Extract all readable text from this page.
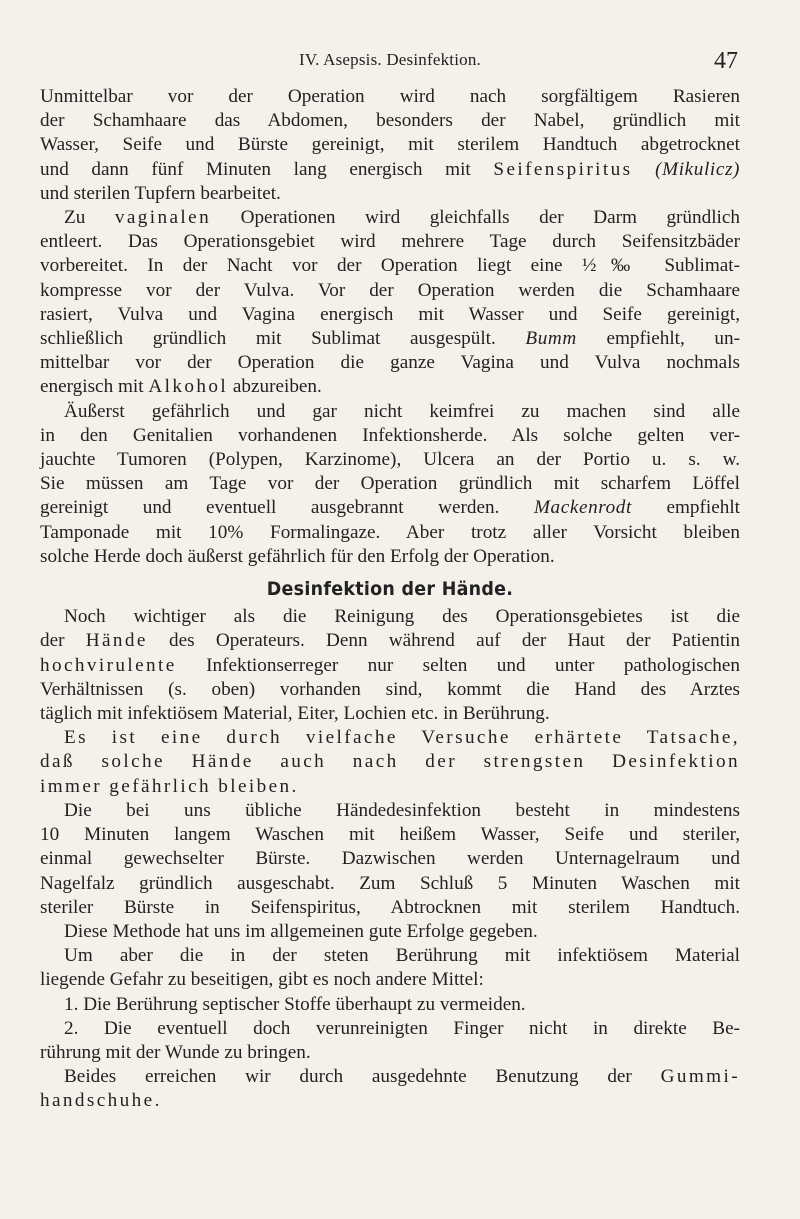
IV. Asepsis. Desinfektion.	47
Unmittelbar vor der Operation wird nach sorgfältigem Rasieren
der Schamhaare das Abdomen, besonders der Nabel, gründlich mit
Wasser, Seife und Bürste gereinigt, mit sterilem Handtuch abgetrocknet
und dann fünf Minuten lang energisch mit Seifenspiritus (Mikulicz)
und sterilen Tupfern bearbeitet.
Zu vaginalen Operationen wird gleichfalls der Darm gründlich
entleert. Das Operationsgebiet wird mehrere Tage durch Seifensitzbäder
vorbereitet. In der Nacht vor der Operation liegt eine ½‰ Sublimat-
kompresse vor der Vulva. Vor der Operation werden die Schamhaare
rasiert, Vulva und Vagina energisch mit Wasser und Seife gereinigt,
schließlich gründlich mit Sublimat ausgespült. Bumm empfiehlt, un-
mittelbar vor der Operation die ganze Vagina und Vulva nochmals
energisch mit Alkohol abzureiben.
Äußerst gefährlich und gar nicht keimfrei zu machen sind alle
in den Genitalien vorhandenen Infektionsherde. Als solche gelten ver-
jauchte Tumoren (Polypen, Karzinome), Ulcera an der Portio u. s. w.
Sie müssen am Tage vor der Operation gründlich mit scharfem Löffel
gereinigt und eventuell ausgebrannt werden. Mackenrodt empfiehlt
Tamponade mit 10% Formalingaze. Aber trotz aller Vorsicht bleiben
solche Herde doch äußerst gefährlich für den Erfolg der Operation.
Desinfektion der Hände.
Noch wichtiger als die Reinigung des Operationsgebietes ist die
der Hände des Operateurs. Denn während auf der Haut der Patientin
hochvirulente Infektionserreger nur selten und unter pathologischen
Verhältnissen (s. oben) vorhanden sind, kommt die Hand des Arztes
täglich mit infektiösem Material, Eiter, Lochien etc. in Berührung.
Es ist eine durch vielfache Versuche erhärtete Tatsache,
daß solche Hände auch nach der strengsten Desinfektion
immer gefährlich bleiben.
Die bei uns übliche Händedesinfektion besteht in mindestens
10 Minuten langem Waschen mit heißem Wasser, Seife und steriler,
einmal gewechselter Bürste. Dazwischen werden Unternagelraum und
Nagelfalz gründlich ausgeschabt. Zum Schluß 5 Minuten Waschen mit
steriler Bürste in Seifenspiritus, Abtrocknen mit sterilem Handtuch.
Diese Methode hat uns im allgemeinen gute Erfolge gegeben.
Um aber die in der steten Berührung mit infektiösem Material
liegende Gefahr zu beseitigen, gibt es noch andere Mittel:
1. Die Berührung septischer Stoffe überhaupt zu vermeiden.
2. Die eventuell doch verunreinigten Finger nicht in direkte Be-
rührung mit der Wunde zu bringen.
Beides erreichen wir durch ausgedehnte Benutzung der Gummi-
handschuhe.
